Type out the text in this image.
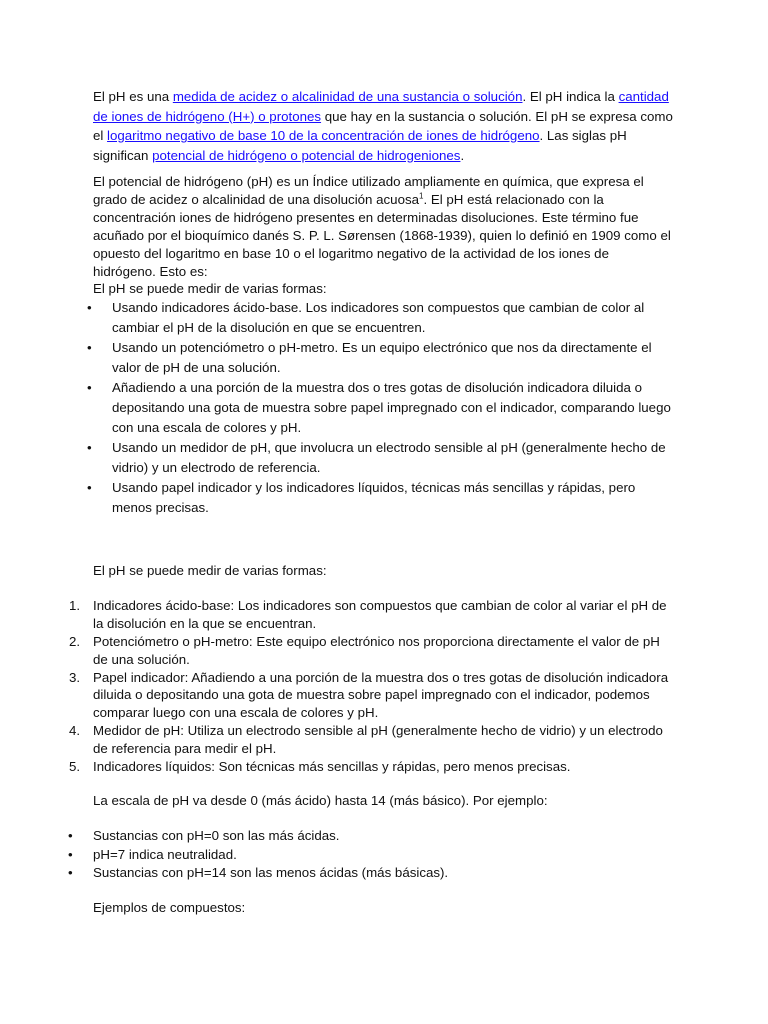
El pH es una medida de acidez o alcalinidad de una sustancia o solución. El pH indica la cantidad de iones de hidrógeno (H+) o protones que hay en la sustancia o solución. El pH se expresa como el logaritmo negativo de base 10 de la concentración de iones de hidrógeno. Las siglas pH significan potencial de hidrógeno o potencial de hidrogeniones.

El potencial de hidrógeno (pH) es un Índice utilizado ampliamente en química, que expresa el grado de acidez o alcalinidad de una disolución acuosa$^1$. El pH está relacionado con la concentración iones de hidrógeno presentes en determinadas disoluciones. Este término fue acuñado por el bioquímico danés S. P. L. Sørensen (1868-1939), quien lo definió en 1909 como el opuesto del logaritmo en base 10 o el logaritmo negativo de la actividad de los iones de hidrógeno. Esto es:

El pH se puede medir de varias formas:

• Usando indicadores ácido-base. Los indicadores son compuestos que cambian de color al cambiar el pH de la disolución en que se encuentren.
• Usando un potenciómetro o pH-metro. Es un equipo electrónico que nos da directamente el valor de pH de una solución.
• Añadiendo a una porción de la muestra dos o tres gotas de disolución indicadora diluida o depositando una gota de muestra sobre papel impregnado con el indicador, comparando luego con una escala de colores y pH.
• Usando un medidor de pH, que involucra un electrodo sensible al pH (generalmente hecho de vidrio) y un electrodo de referencia.
• Usando papel indicador y los indicadores líquidos, técnicas más sencillas y rápidas, pero menos precisas.

El pH se puede medir de varias formas:

1. Indicadores ácido-base: Los indicadores son compuestos que cambian de color al variar el pH de la disolución en la que se encuentran.
2. Potenciómetro o pH-metro: Este equipo electrónico nos proporciona directamente el valor de pH de una solución.
3. Papel indicador: Añadiendo a una porción de la muestra dos o tres gotas de disolución indicadora diluida o depositando una gota de muestra sobre papel impregnado con el indicador, podemos comparar luego con una escala de colores y pH.
4. Medidor de pH: Utiliza un electrodo sensible al pH (generalmente hecho de vidrio) y un electrodo de referencia para medir el pH.
5. Indicadores líquidos: Son técnicas más sencillas y rápidas, pero menos precisas.

La escala de pH va desde 0 (más ácido) hasta 14 (más básico). Por ejemplo:

• Sustancias con pH=0 son las más ácidas.
• pH=7 indica neutralidad.
• Sustancias con pH=14 son las menos ácidas (más básicas).

Ejemplos de compuestos:
